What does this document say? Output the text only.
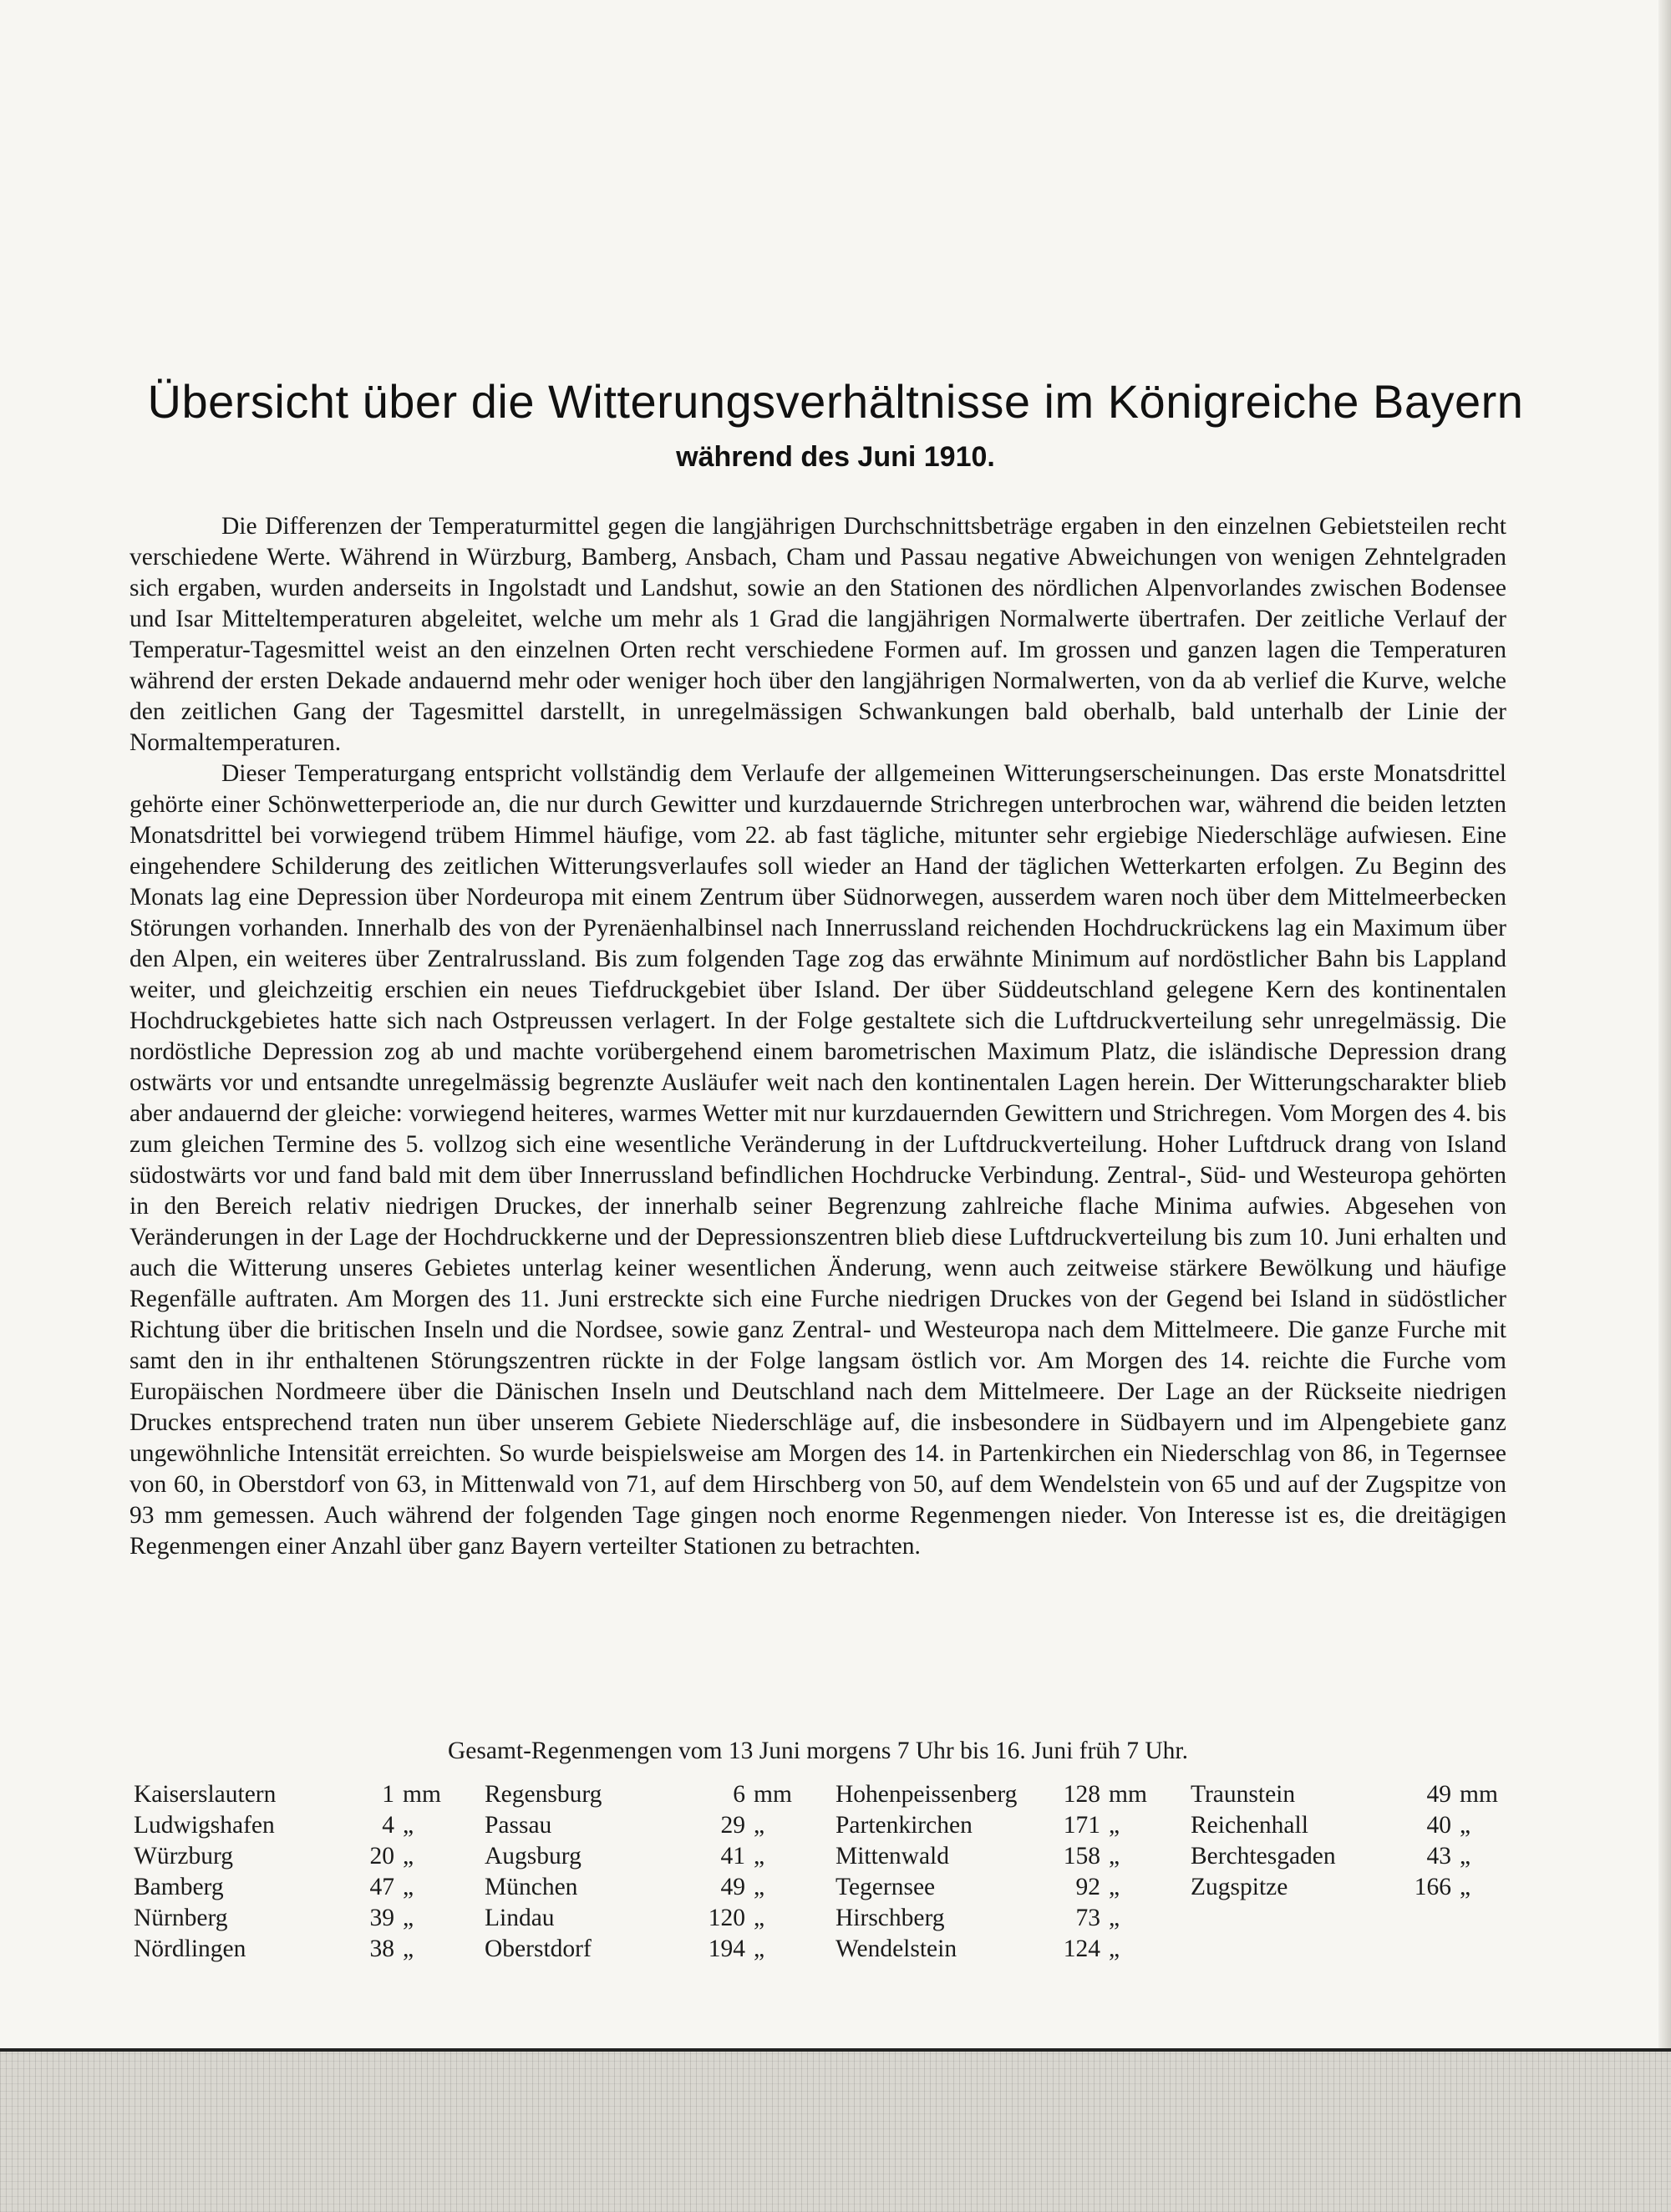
Übersicht über die Witterungsverhältnisse im Königreiche Bayern
während des Juni 1910.

Die Differenzen der Temperaturmittel gegen die langjährigen Durchschnittsbeträge ergaben in den einzelnen Gebietsteilen recht verschiedene Werte. Während in Würzburg, Bamberg, Ansbach, Cham und Passau negative Abweichungen von wenigen Zehntelgraden sich ergaben, wurden anderseits in Ingolstadt und Landshut, sowie an den Stationen des nördlichen Alpenvorlandes zwischen Bodensee und Isar Mitteltemperaturen abgeleitet, welche um mehr als 1 Grad die langjährigen Normalwerte übertrafen. Der zeitliche Verlauf der Temperatur-Tagesmittel weist an den einzelnen Orten recht verschiedene Formen auf. Im grossen und ganzen lagen die Temperaturen während der ersten Dekade andauernd mehr oder weniger hoch über den langjährigen Normalwerten, von da ab verlief die Kurve, welche den zeitlichen Gang der Tagesmittel darstellt, in unregelmässigen Schwankungen bald oberhalb, bald unterhalb der Linie der Normaltemperaturen.

Dieser Temperaturgang entspricht vollständig dem Verlaufe der allgemeinen Witterungserscheinungen. Das erste Monatsdrittel gehörte einer Schönwetterperiode an, die nur durch Gewitter und kurzdauernde Strichregen unterbrochen war, während die beiden letzten Monatsdrittel bei vorwiegend trübem Himmel häufige, vom 22. ab fast tägliche, mitunter sehr ergiebige Niederschläge aufwiesen. Eine eingehendere Schilderung des zeitlichen Witterungsverlaufes soll wieder an Hand der täglichen Wetterkarten erfolgen. Zu Beginn des Monats lag eine Depression über Nordeuropa mit einem Zentrum über Südnorwegen, ausserdem waren noch über dem Mittelmeerbecken Störungen vorhanden. Innerhalb des von der Pyrenäenhalbinsel nach Innerrussland reichenden Hochdruckrückens lag ein Maximum über den Alpen, ein weiteres über Zentralrussland. Bis zum folgenden Tage zog das erwähnte Minimum auf nordöstlicher Bahn bis Lappland weiter, und gleichzeitig erschien ein neues Tiefdruckgebiet über Island. Der über Süddeutschland gelegene Kern des kontinentalen Hochdruckgebietes hatte sich nach Ostpreussen verlagert. In der Folge gestaltete sich die Luftdruckverteilung sehr unregelmässig. Die nordöstliche Depression zog ab und machte vorübergehend einem barometrischen Maximum Platz, die isländische Depression drang ostwärts vor und entsandte unregelmässig begrenzte Ausläufer weit nach den kontinentalen Lagen herein. Der Witterungscharakter blieb aber andauernd der gleiche: vorwiegend heiteres, warmes Wetter mit nur kurzdauernden Gewittern und Strichregen. Vom Morgen des 4. bis zum gleichen Termine des 5. vollzog sich eine wesentliche Veränderung in der Luftdruckverteilung. Hoher Luftdruck drang von Island südostwärts vor und fand bald mit dem über Innerrussland befindlichen Hochdrucke Verbindung. Zentral-, Süd- und Westeuropa gehörten in den Bereich relativ niedrigen Druckes, der innerhalb seiner Begrenzung zahlreiche flache Minima aufwies. Abgesehen von Veränderungen in der Lage der Hochdruckkerne und der Depressionszentren blieb diese Luftdruckverteilung bis zum 10. Juni erhalten und auch die Witterung unseres Gebietes unterlag keiner wesentlichen Änderung, wenn auch zeitweise stärkere Bewölkung und häufige Regenfälle auftraten. Am Morgen des 11. Juni erstreckte sich eine Furche niedrigen Druckes von der Gegend bei Island in südöstlicher Richtung über die britischen Inseln und die Nordsee, sowie ganz Zentral- und Westeuropa nach dem Mittelmeere. Die ganze Furche mit samt den in ihr enthaltenen Störungszentren rückte in der Folge langsam östlich vor. Am Morgen des 14. reichte die Furche vom Europäischen Nordmeere über die Dänischen Inseln und Deutschland nach dem Mittelmeere. Der Lage an der Rückseite niedrigen Druckes entsprechend traten nun über unserem Gebiete Niederschläge auf, die insbesondere in Südbayern und im Alpengebiete ganz ungewöhnliche Intensität erreichten. So wurde beispielsweise am Morgen des 14. in Partenkirchen ein Niederschlag von 86, in Tegernsee von 60, in Oberstdorf von 63, in Mittenwald von 71, auf dem Hirschberg von 50, auf dem Wendelstein von 65 und auf der Zugspitze von 93 mm gemessen. Auch während der folgenden Tage gingen noch enorme Regenmengen nieder. Von Interesse ist es, die dreitägigen Regenmengen einer Anzahl über ganz Bayern verteilter Stationen zu betrachten.

Gesamt-Regenmengen vom 13 Juni morgens 7 Uhr bis 16. Juni früh 7 Uhr.
Kaiserslautern	1 mm
Ludwigshafen	4 „
Würzburg	20 „
Bamberg	47 „
Nürnberg	39 „
Nördlingen	38 „
Regensburg	6 mm
Passau	29 „
Augsburg	41 „
München	49 „
Lindau	120 „
Oberstdorf	194 „
Hohenpeissenberg 128 mm
Partenkirchen	171 „
Mittenwald	158 „
Tegernsee	92 „
Hirschberg	73 „
Wendelstein	124 „
Traunstein	49 mm
Reichenhall	40 „
Berchtesgaden	43 „
Zugspitze	166 „
